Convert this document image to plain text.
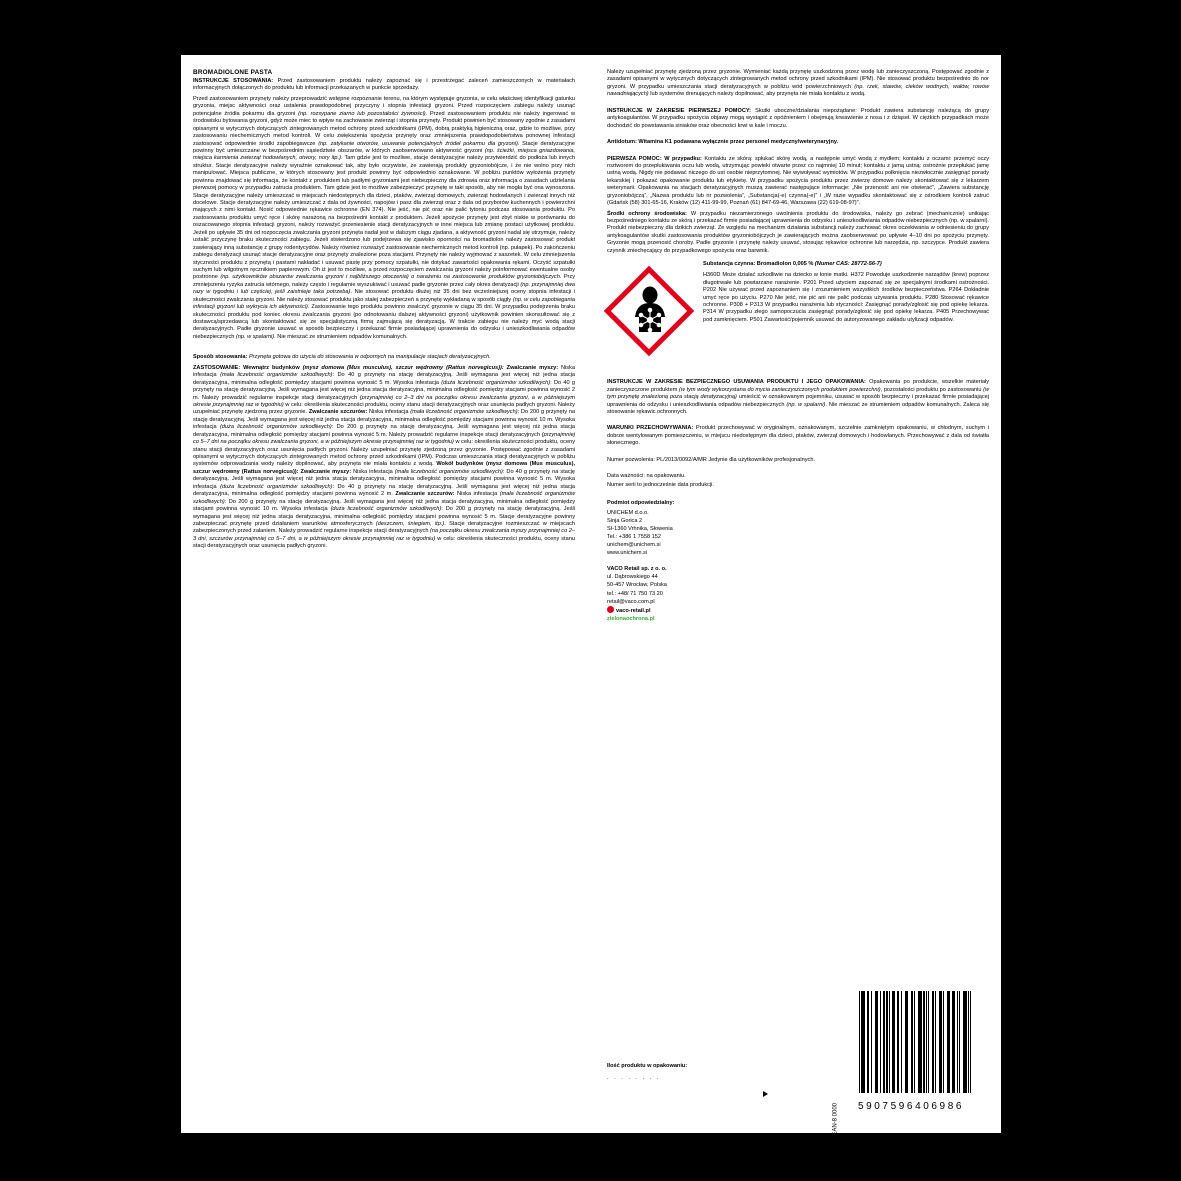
BROMADIOLONE PASTA

INSTRUKCJE STOSOWANIA: Przed zastosowaniem produktu należy zapoznać się i przestrzegać zaleceń zamieszczonych w materiałach informacyjnych dołączonych do produktu lub informacji przekazanych w punkcie sprzedaży.

Przed zastosowaniem przynęty należy przeprowadzić wstępne rozpoznanie terenu, na którym występuje gryzonia, w celu właściwej identyfikacji gatunku gryzonia, miejsc aktywności oraz ustalenia prawdopodobnej przyczyny i stopnia infestacji gryzoni. Przed rozpoczęciem zabiegu należy usunąć potencjalne źródła pokarmu dla gryzoni (np. rozsypane ziarno lub pozostałości żywności). Przed zastosowaniem produktu nie należy ingerować w środowisku bytowania gryzoni, gdyż może miec to wpływ na zachowanie zwierząt i stopnia przynęty. Produkt powinien być stosowany zgodnie z zasadami opisanymi w wytycznych dotyczących zintegrowanych metod ochrony przed szkodnikami (IPM), dobrą praktyką higieniczną oraz, gdzie to możliwe, przy zastosowaniu niechemicznych metod kontroli. W celu zwiększenia spożycia przynęty oraz zmniejszenia prawdopodobieństwa ponownej infestacji zastosować odpowiednie środki zapobiegawcze (np. zatykanie otworów, usuwanie potencjalnych źródeł pokarmu dla gryzoni). Stacje deratyzacyjne powinny być umieszczane w bezpośrednim sąsiedztwie obszarów, w których zaobserwowano aktywność gryzoni (np. ścieżki, miejsca gniazdowania, miejsca karmienia zwierząt hodowlanych, otwory, nory itp.). Tam gdzie jest to możliwe, stacje deratyzacyjne należy przytwierdzić do podłoża lub innych struktur. Stacje deratyzacyjne należy wyraźnie oznakować tak, aby było oczywiste, że zawierają produkty gryzoniobójcze, i że nie wolno przy nich manipulować. Miejsca publiczne, w których stosowany jest produkt powinny być odpowiednio oznakowane. W pobliżu punktów wyłożenia przynęty powinna znajdować się informacja, że kontakt z produktem lub padłymi gryzoniami jest niebezpieczny dla zdrowia oraz informacja o zasadach udzielania pierwszej pomocy w przypadku zatrucia produktem. Tam gdzie jest to możliwe zabezpieczyć przynętę w taki sposób, aby nie mogła być ona wynoszona. Stacje deratyzacyjne należy umieszczać w miejscach niedostępnych dla dzieci, ptaków, zwierząt domowych, zwierząt hodowlanych i zwierząt innych niż docelowe. Stacje deratyzacyjne należy umieszczać z dala od żywności, napojów i pasz dla zwierząt oraz z dala od przyborów kuchennych i powierzchni mających z nimi kontakt. Nosić odpowiednie rękawice ochronne (EN 374). Nie jeść, nie pić oraz nie palić tytoniu podczas stosowania produktu. Po zastosowaniu produktu umyć ręce i skórę narażoną na bezpośredni kontakt z produktem. Jeżeli spożycie przynęty jest zbyt niskie w porównaniu do oszacowanego stopnia infestacji gryzoni, należy rozważyć przeniesienie stacji deratyzacyjnych w inne miejsca lub zmianę postaci użytkowej produktu. Jeżeli po upływie 35 dni od rozpoczęcia zwalczania gryzoni przynęta nadal jest w dalszym ciągu zjadana, a aktywność gryzoni nadal się utrzymuje, należy ustalić przyczynę braku skuteczności zabiegu. Jeżeli stwierdzono lub podejrzewa się zjawisko oporności na bromadiolon należy zastosować produkt zawierający inną substancję z grupy rodentycydów. Należy również rozważyć zastosowanie niechemicznych metod kontroli (np. pułapek). Po zakończeniu zabiegu deratyzacji usunąć stacje deratyzacyjne oraz przynęty znalezione poza stacjami. Przynęty nie należy wyjmować z saszetek. W celu zmniejszenia styczności produktu z przynętą i pastami nakładać i usuwać pastę przy pomocy szpatułki, nie dotykać zawartości opakowania rękami. Oczyść szpatułki suchym lub wilgotnym ręcznikiem papierowym. Oh iż jest to możliwe, a przed rozpoczęciem zwalczania gryzoni należy poinformować ewentualne osoby postronne (np. użytkowników obszarów zwalczania gryzoni i najbliższego otoczenia) o narażeniu na zastosowanie produktów gryzoniobójczych. Przy zmniejszeniu ryzyka zatrucia wtórnego, należy często i regularnie wyszukiwać i usuwać padłe gryzonie przez cały okres deratyzacji (np. przynajmniej dwa razy w tygodniu i lub częściej, jeśli zaistnieje taka potrzeba). Nie stosować produktu dłużej niż 35 dni bez wcześniejszej oceny stopnia infestacji i skuteczności zwalczania gryzoni. Nie należy stosować produktu jako stałej zabezpieczeń a przynętę wykładaną w sposób ciągły (np. w celu zapobiegania infestacji gryzoni lub wykrycia ich aktywności). Zastosowanie tego produktu powinno zwalczyć gryzonie w ciągu 35 dni. W przypadku podejrzenia braku skuteczności produktu pod koniec okresu zwalczania gryzoni (po odnotowaniu dalszej aktywności gryzoni) użytkownik powinien skonsultować się z dostawcą/sprzedawcą lub skontaktować się ze specjalistyczną firmą zajmującą się deratyzacją. W trakcie zabiegu nie należy myć wodą stacji deratyzacyjnych. Padłe gryzonie usuwać w sposób bezpieczny i przekazać firmie posiadającej uprawnienia do odzysku i unieszkodliwiania odpadów niebezpiecznych (np. w spalarni). Nie mieszać ze strumieniem odpadów komunalnych.

Sposób stosowania: Przynęta gotowa do użycia do stosowania w odpornych na manipulacje stacjach deratyzacyjnych.

ZASTOSOWANIE: Wewnątrz budynków (mysz domowa (Mus musculus), szczur wędrowny (Rattus norvegicus)): Zwalczanie myszy: Niska infestacja (mała liczebność organizmów szkodliwych): Do 40 g przynęty na stację deratyzacyjną. Jeśli wymagana jest więcej niż jedna stacja deratyzacyjna, minimalna odległość pomiędzy stacjami powinna wynosić 5 m. Wysoka infestacja (duża liczebność organizmów szkodliwych): Do 40 g przynęty na stację deratyzacyjną. Jeśli wymagana jest więcej niż jedna stacja deratyzacyjna, minimalna odległość pomiędzy stacjami powinna wynosić 2 m. Należy prowadzić regularne inspekcje stacji deratyzacyjnych (przynajmniej co 2–3 dni na początku okresu zwalczania gryzoni, a w późniejszym okresie przynajmniej raz w tygodniu) w celu: określenia skuteczności produktu, oceny stanu stacji deratyzacyjnych oraz usunięcia padłych gryzoni. Należy uzupełniać przynętę zjedzoną przez gryzonie. Zwalczanie szczurów: Niska infestacja (mała liczebność organizmów szkodliwych): Do 200 g przynęty na stację deratyzacyjną. Jeśli wymagana jest więcej niż jedna stacja deratyzacyjna, minimalna odległość pomiędzy stacjami powinna wynosić 10 m. Wysoka infestacja (duża liczebność organizmów szkodliwych): Do 200 g przynęty na stację deratyzacyjną. Jeśli wymagana jest więcej niż jedna stacja deratyzacyjna, minimalna odległość pomiędzy stacjami powinna wynosić 5 m. Należy prowadzić regularne inspekcje stacji deratyzacyjnych (przynajmniej co 5–7 dni na początku okresu zwalczania gryzoni, a w późniejszym okresie przynajmniej raz w tygodniu) w celu: określenia skuteczności produktu, oceny stanu stacji deratyzacyjnych oraz usunięcia padłych gryzoni. Należy uzupełniać przynętę zjedzoną przez gryzonie. Postępować zgodnie z zasadami opisanymi w wytycznych dotyczących zintegrowanych metod ochrony przed szkodnikami (IPM). Podczas umieszczania stacji deratyzacyjnych w pobliżu systemów odprowadzania wody należy dopilnować, aby przynęta nie miała kontaktu z wodą. Wokół budynków (mysz domowa (Mus musculus), szczur wędrowny (Rattus norvegicus)): Zwalczanie myszy: Niska infestacja (mała liczebność organizmów szkodliwych): Do 40 g przynęty na stację deratyzacyjną. Jeśli wymagana jest więcej niż jedna stacja deratyzacyjna, minimalna odległość pomiędzy stacjami powinna wynosić 5 m. Wysoka infestacja (duża liczebność organizmów szkodliwych): Do 40 g przynęty na stację deratyzacyjną. Jeśli wymagana jest więcej niż jedna stacja deratyzacyjna, minimalna odległość pomiędzy stacjami powinna wynosić 2 m. Zwalczanie szczurów: Niska infestacja (mała liczebność organizmów szkodliwych): Do 200 g przynęty na stację deratyzacyjną. Jeśli wymagana jest więcej niż jedna stacja deratyzacyjna, minimalna odległość pomiędzy stacjami powinna wynosić 10 m. Wysoka infestacja (duża liczebność organizmów szkodliwych): Do 200 g przynęty na stację deratyzacyjną. Jeśli wymagana jest więcej niż jedna stacja deratyzacyjna, minimalna odległość pomiędzy stacjami powinna wynosić 5 m. Stacje deratyzacyjne powinny zabezpieczać przynętę przed działaniem warunków atmosferycznych (deszczem, śniegiem, itp.). Stacje deratyzacyjne rozmieszczać w miejscach zabezpieczonych przed zalaniem. Należy prowadzić regularne inspekcje stacji deratyzacyjnych (na początku okresu zwalczania myszy przynajmniej co 2–3 dni, szczurów przynajmniej co 5–7 dni, a w późniejszym okresie przynajmniej raz w tygodniu) w celu: określenia skuteczności produktu, oceny stanu stacji deratyzacyjnych oraz usunięcia padłych gryzoni.

Należy uzupełniać przynętę zjedzoną przez gryzonie. Wymieniać każdą przynętę uszkodzoną przez wodę lub zanieczyszczoną. Postępować zgodnie z zasadami opisanymi w wytycznych dotyczących zintegrowanych metod ochrony przed szkodnikami (IPM). Nie stosować produktu bezpośrednio do nor gryzoni. W przypadku umieszczania stacji deratyzacyjnych w pobliżu wód powierzchniowych (np. rzek, stawów, cieków wodnych, wałów, rowów nawadniających) lub systemów drenujących należy dopilnować, aby przynęta nie miała kontaktu z wodą.

INSTRUKCJE W ZAKRESIE PIERWSZEJ POMOCY: Skutki uboczne/działania niepożądane: Produkt zawiera substancję należącą do grupy antykoagulantów. W przypadku spożycia objawy mogą wystąpić z opóźnieniem i obejmują krwawienie z nosa i z dziąseł. W ciężkich przypadkach może dochodzić do powstawania siniaków oraz obecności krwi w kale i moczu.

Antidotum: Witamina K1 podawana wyłącznie przez personel medyczny/weterynaryjny.

PIERWSZA POMOC: W przypadku: Kontaktu ze skórą: spłukać skórę wodą, a następnie umyć wodą z mydłem; kontaktu z oczami: przemyć oczy roztworem do przepłukiwania oczu lub wodą, utrzymując powieki otwarte przez co najmniej 10 minut; kontaktu z jamą ustną: ostrożnie przepłukać jamę ustną wodą. Nigdy nie podawać niczego do ust osobie nieprzytomnej. Nie wywoływać wymiotów. W przypadku połknięcia niezwłocznie zasięgnąć porady lekarskiej i pokazać opakowanie produktu lub etykietę. W przypadku spożycia produktu przez zwierzę domowe należy skontaktować się z lekarzem weterynarii. Opakowania na stacjach deratyzacyjnych muszą zawierać następujące informacje: „Nie przenosić ani nie otwierać”, „Zawiera substancję gryzoniobójczą”, „Nazwa produktu lub nr pozwolenia”, „Substancja(-e) czynna(-e)” i „W razie wypadku skontaktować się z ośrodkiem kontroli zatruć (Gdańsk (58) 301-65-16, Kraków (12) 411-99-99, Poznań (61) 847-69-46, Warszawa (22) 619-08-97)”.

Środki ochrony środowiska: W przypadku niezamierzonego uwolnienia produktu do środowiska, należy go zebrać (mechanicznie) unikając bezpośredniego kontaktu ze skórą i przekazać firmie posiadającej uprawnienia do odzysku i unieszkodliwiania odpadów niebezpiecznych (np. w spalarni). Produkt niebezpieczny dla dzikich zwierząt. Ze względu na mechanizm działania substancji należy zachować okres oczekiwania w odniesieniu do grupy antykoagulantów skutki zastosowania produktów gryzoniobójczych je zawierających można zaobserwować po upływie 4–10 dni po spożyciu przynęty. Gryzonie mogą przenosić choroby. Padłe gryzonie i przynętę należy usuwać, stosując rękawice ochronne lub narzędzia, np. szczypce. Produkt zawiera czynnik zniechęcający do przypadkowego spożycia oraz barwnik.

Substancja czynna: Bromadiolon 0,005 % (Numer CAS: 28772-56-7)

H360D Może działać szkodliwie na dziecko w łonie matki. H372 Powoduje uszkodzenie narządów (krew) poprzez długotrwałe lub powtarzane narażenie. P201 Przed użyciem zapoznać się ze specjalnymi środkami ostrożności. P202 Nie używać przed zapoznaniem się i zrozumieniem wszystkich środków bezpieczeństwa. P264 Dokładnie umyć ręce po użyciu. P270 Nie jeść, nie pić ani nie palić podczas używania produktu. P280 Stosować rękawice ochronne. P308 + P313 W przypadku narażenia lub styczności: Zasięgnąć porady/zgłosić się pod opiekę lekarza. P314 W przypadku złego samopoczucia zasięgnąć porady/zgłosić się pod opiekę lekarza. P405 Przechowywać pod zamknięciem. P501 Zawartość/pojemnik usuwać do autoryzowanego zakładu utylizacji odpadów.

INSTRUKCJE W ZAKRESIE BEZPIECZNEGO USUWANIA PRODUKTU I JEGO OPAKOWANIA: Opakowania po produkcie, wszelkie materiały zanieczyszczone produktem (w tym wody wykorzystana do mycia zanieczyszczonych produktem powierzchni), pozostałości produktu po zastosowaniu (w tym przynętę znalezioną poza stacją deratyzacyjną) umieścić w oznakowanym pojemniku, usuwać w sposób bezpieczny i przekazać firmie posiadającej uprawnienia do odzysku i unieszkodliwiania odpadów niebezpiecznych (np. w spalarni). Nie mieszać ze strumieniem odpadów komunalnych. Zaleca się stosowanie rękawic ochronnych.

WARUNKI PRZECHOWYWANIA: Produkt przechowywać w oryginalnym, oznakowanym, szczelnie zamkniętym opakowaniu, w chłodnym, suchym i dobrze wentylowanym pomieszczeniu, w miejscu niedostępnym dla dzieci, ptaków, zwierząt domowych i hodowlanych. Przechowywać z dala od światła słonecznego.

Numer pozwolenia: PL/2013/0092/A/MR Jedynie dla użytkowników profesjonalnych.

Data ważności: na opakowaniu.

Numer serii to jednocześnie data produkcji.

Podmiot odpowiedzialny:

UNICHEM d.o.o.
Sinja Gorica 2
SI-1360 Vrhnika, Słowenia
Tel.: +386 1 7558 152
unichem@unichem.si
www.unichem.si

VACO Retail sp. z o. o.
ul. Dąbrowskiego 44
50-457 Wrocław, Polska
tel.: +48/ 71 750 73 20
retail@vaco.com.pl
vaco-retail.pl
zielonaochrona.pl

Ilość produktu w opakowaniu:
. . . . . . . .
EAN-8 0000	5907596406986
